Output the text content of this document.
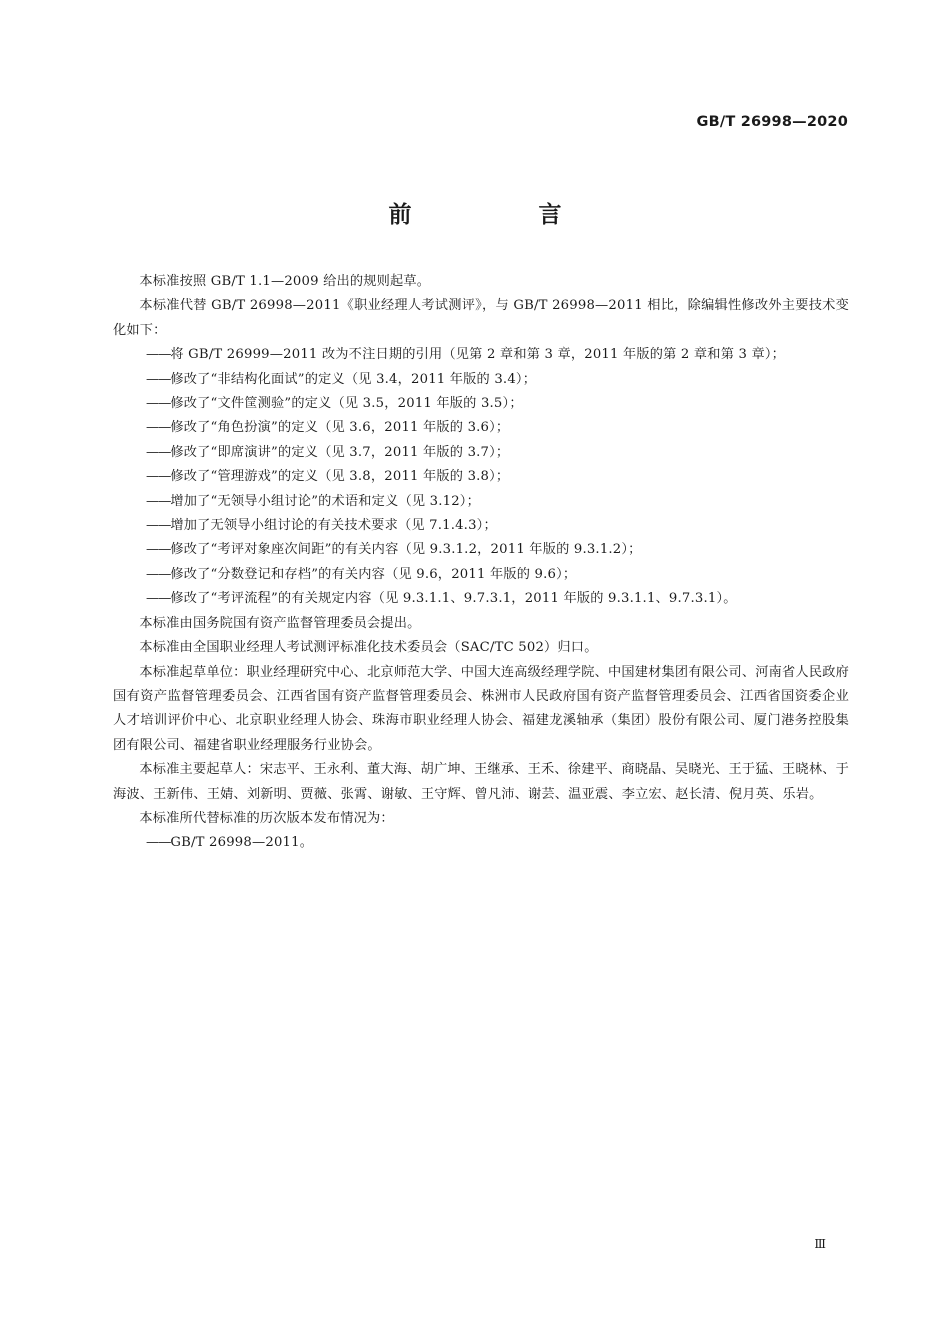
GB/T 26998—2020
前　言

本标准按照 GB/T 1.1—2009 给出的规则起草。

本标准代替 GB/T 26998—2011《职业经理人考试测评》，与 GB/T 26998—2011 相比，除编辑性修改外主要技术变化如下：

——将 GB/T 26999—2011 改为不注日期的引用（见第 2 章和第 3 章，2011 年版的第 2 章和第 3 章）；

——修改了“非结构化面试”的定义（见 3.4，2011 年版的 3.4）；

——修改了“文件筐测验”的定义（见 3.5，2011 年版的 3.5）；

——修改了“角色扮演”的定义（见 3.6，2011 年版的 3.6）；

——修改了“即席演讲”的定义（见 3.7，2011 年版的 3.7）；

——修改了“管理游戏”的定义（见 3.8，2011 年版的 3.8）；

——增加了“无领导小组讨论”的术语和定义（见 3.12）；

——增加了无领导小组讨论的有关技术要求（见 7.1.4.3）；

——修改了“考评对象座次间距”的有关内容（见 9.3.1.2，2011 年版的 9.3.1.2）；

——修改了“分数登记和存档”的有关内容（见 9.6，2011 年版的 9.6）；

——修改了“考评流程”的有关规定内容（见 9.3.1.1、9.7.3.1，2011 年版的 9.3.1.1、9.7.3.1）。

本标准由国务院国有资产监督管理委员会提出。

本标准由全国职业经理人考试测评标准化技术委员会（SAC/TC 502）归口。

本标准起草单位：职业经理研究中心、北京师范大学、中国大连高级经理学院、中国建材集团有限公司、河南省人民政府国有资产监督管理委员会、江西省国有资产监督管理委员会、株洲市人民政府国有资产监督管理委员会、江西省国资委企业人才培训评价中心、北京职业经理人协会、珠海市职业经理人协会、福建龙溪轴承（集团）股份有限公司、厦门港务控股集团有限公司、福建省职业经理服务行业协会。

本标准主要起草人：宋志平、王永利、董大海、胡广坤、王继承、王禾、徐建平、商晓晶、吴晓光、王于猛、王晓林、于海波、王新伟、王婧、刘新明、贾薇、张霄、谢敏、王守辉、曾凡沛、谢芸、温亚震、李立宏、赵长清、倪月英、乐岩。

本标准所代替标准的历次版本发布情况为：

——GB/T 26998—2011。

Ⅲ
